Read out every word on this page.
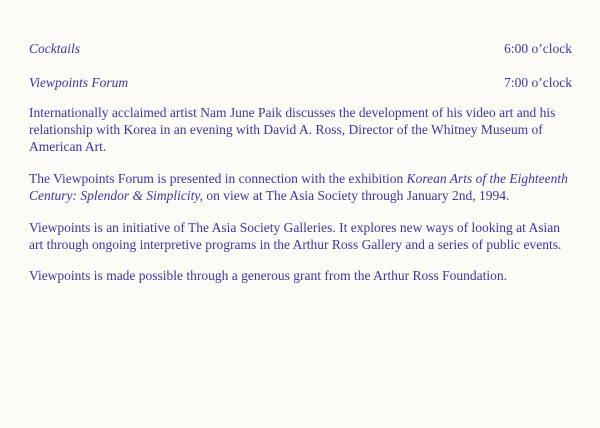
Cocktails	6:00 o’clock
Viewpoints Forum	7:00 o’clock

Internationally acclaimed artist Nam June Paik discusses the development of his video art and his relationship with Korea in an evening with David A. Ross, Director of the Whitney Museum of American Art.

The Viewpoints Forum is presented in connection with the exhibition Korean Arts of the Eighteenth Century: Splendor & Simplicity, on view at The Asia Society through January 2nd, 1994.

Viewpoints is an initiative of The Asia Society Galleries. It explores new ways of looking at Asian art through ongoing interpretive programs in the Arthur Ross Gallery and a series of public events.

Viewpoints is made possible through a generous grant from the Arthur Ross Foundation.
